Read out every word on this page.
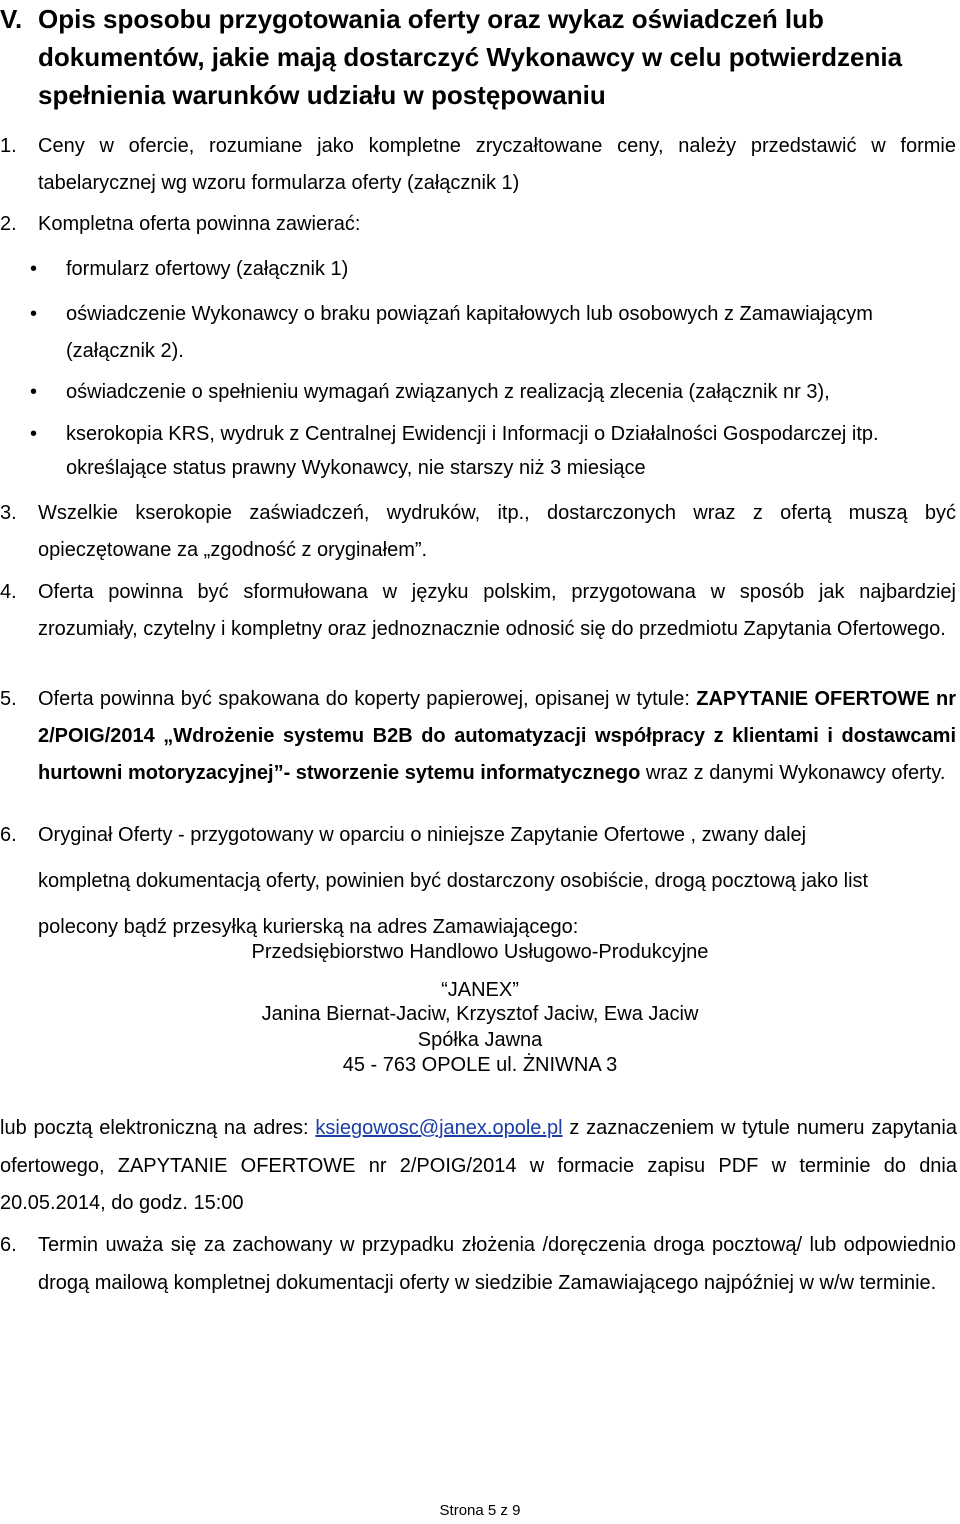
V. Opis sposobu przygotowania oferty oraz wykaz oświadczeń lub dokumentów, jakie mają dostarczyć Wykonawcy w celu potwierdzenia spełnienia warunków udziału w postępowaniu
1.	Ceny w ofercie, rozumiane jako kompletne zryczałtowane ceny, należy przedstawić w formie tabelarycznej wg wzoru formularza oferty (załącznik 1)
2.	Kompletna oferta powinna zawierać:
•	formularz ofertowy (załącznik 1)
•	oświadczenie Wykonawcy o braku powiązań kapitałowych lub osobowych z Zamawiającym (załącznik 2).
•	oświadczenie o spełnieniu wymagań związanych z realizacją zlecenia (załącznik nr 3),
•	kserokopia KRS, wydruk z Centralnej Ewidencji i Informacji o Działalności Gospodarczej itp.
określające status prawny Wykonawcy, nie starszy niż 3 miesiące
3.	Wszelkie kserokopie zaświadczeń, wydruków, itp., dostarczonych wraz z ofertą muszą być opieczętowane za „zgodność z oryginałem”.
4.	Oferta powinna być sformułowana w języku polskim, przygotowana w sposób jak najbardziej zrozumiały, czytelny i kompletny oraz jednoznacznie odnosić się do przedmiotu Zapytania Ofertowego.
5.	Oferta powinna być spakowana do koperty papierowej, opisanej w tytule: ZAPYTANIE OFERTOWE nr 2/POIG/2014 „Wdrożenie systemu B2B do automatyzacji współpracy z klientami i dostawcami hurtowni motoryzacyjnej”- stworzenie sytemu informatycznego wraz z danymi Wykonawcy oferty.
6. Oryginał Oferty - przygotowany w oparciu o niniejsze Zapytanie Ofertowe , zwany dalej
kompletną dokumentacją oferty, powinien być dostarczony osobiście, drogą pocztową jako list
polecony bądź przesyłką kurierską na adres Zamawiającego:
Przedsiębiorstwo Handlowo Usługowo-Produkcyjne
“JANEX”
Janina Biernat-Jaciw, Krzysztof Jaciw, Ewa Jaciw
Spółka Jawna
45 - 763 OPOLE ul. ŻNIWNA 3
lub pocztą elektroniczną na adres: ksiegowosc@janex.opole.pl z zaznaczeniem w tytule numeru zapytania ofertowego, ZAPYTANIE OFERTOWE nr 2/POIG/2014 w formacie zapisu PDF w terminie do dnia 20.05.2014, do godz. 15:00
6.	Termin uważa się za zachowany w przypadku złożenia /doręczenia droga pocztową/ lub odpowiednio drogą mailową kompletnej dokumentacji oferty w siedzibie Zamawiającego najpóźniej w w/w terminie.
Strona 5 z 9
